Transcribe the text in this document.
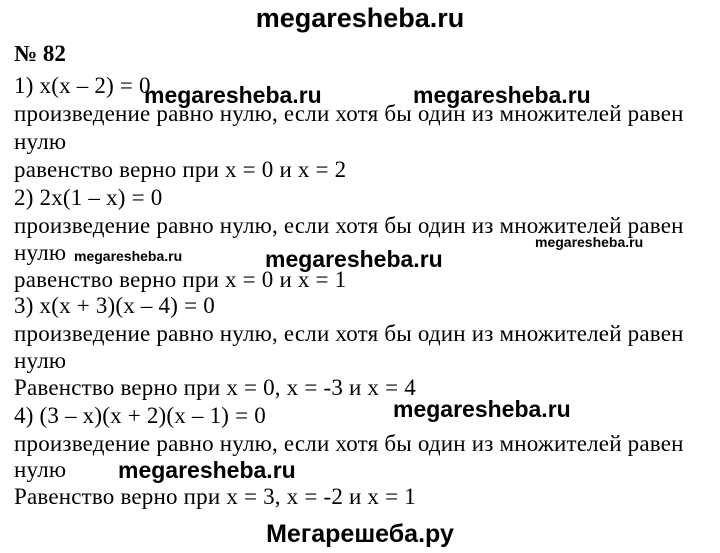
megaresheba.ru
№ 82
1) x(x – 2) = 0
произведение равно нулю, если хотя бы один из множителей равен
нулю
равенство верно при x = 0 и x = 2
2) 2x(1 – x) = 0
произведение равно нулю, если хотя бы один из множителей равен
нулю
равенство верно при x = 0 и x = 1
3) x(x + 3)(x – 4) = 0
произведение равно нулю, если хотя бы один из множителей равен
нулю
Равенство верно при x = 0, x = -3 и x = 4
4) (3 – x)(x + 2)(x – 1) = 0
произведение равно нулю, если хотя бы один из множителей равен
нулю
Равенство верно при x = 3, x = -2 и x = 1
megaresheba.ru	megaresheba.ru
megaresheba.ru	megaresheba.ru
megaresheba.ru
megaresheba.ru
megaresheba.ru
Мегарешеба.ру
